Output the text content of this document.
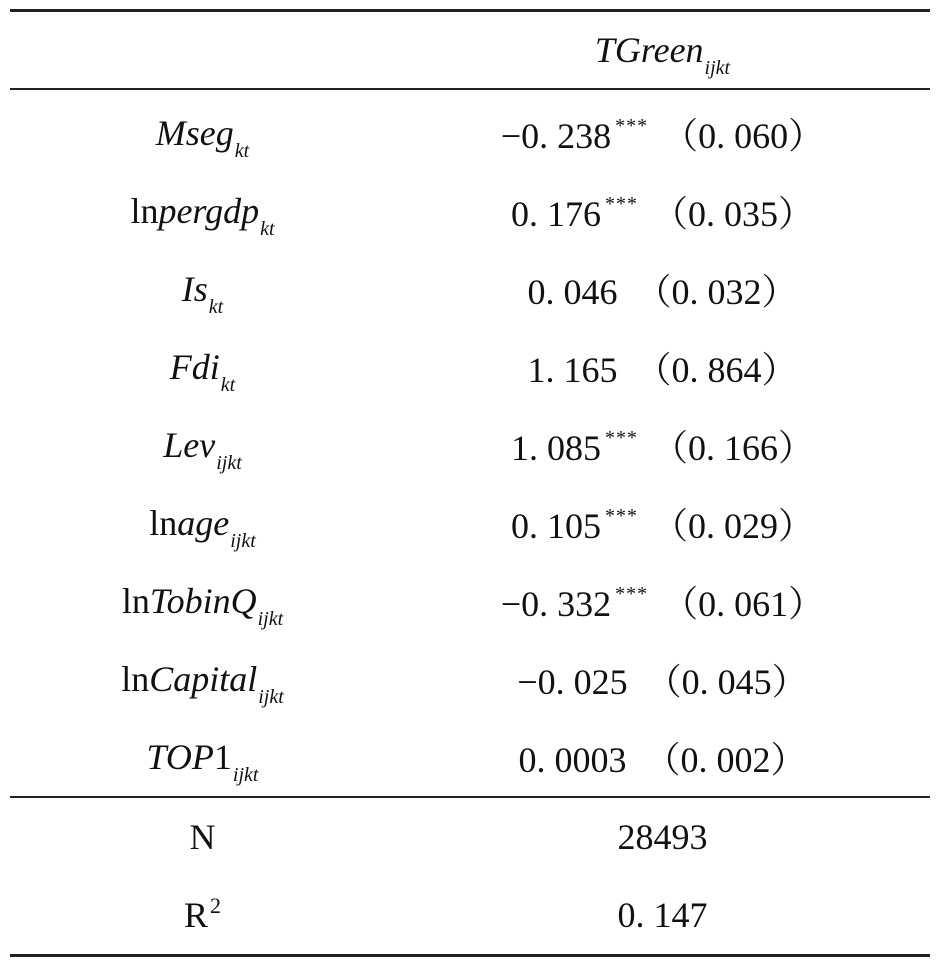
TGreen$_{ijkt}$
Mseg$_{kt}$	−0. 238 *** （0. 060）
lnpergdp$_{kt}$	0. 176 *** （0. 035）
$Is_{kt}$	0. 046 （0. 032）
Fdi$_{kt}$	1. 165 （0. 864）
Lev$_{ijkt}$	1. 085 *** （0. 166）
lnage$_{ijkt}$	0. 105 *** （0. 029）
lnTobinQ$_{ijkt}$	−0. 332 *** （0. 061）
lnCapital$_{ijkt}$	−0. 025 （0. 045）
$TOP1_{ijkt}$	0. 0003 （0. 002）
N	28493
$R^2$	0. 147
